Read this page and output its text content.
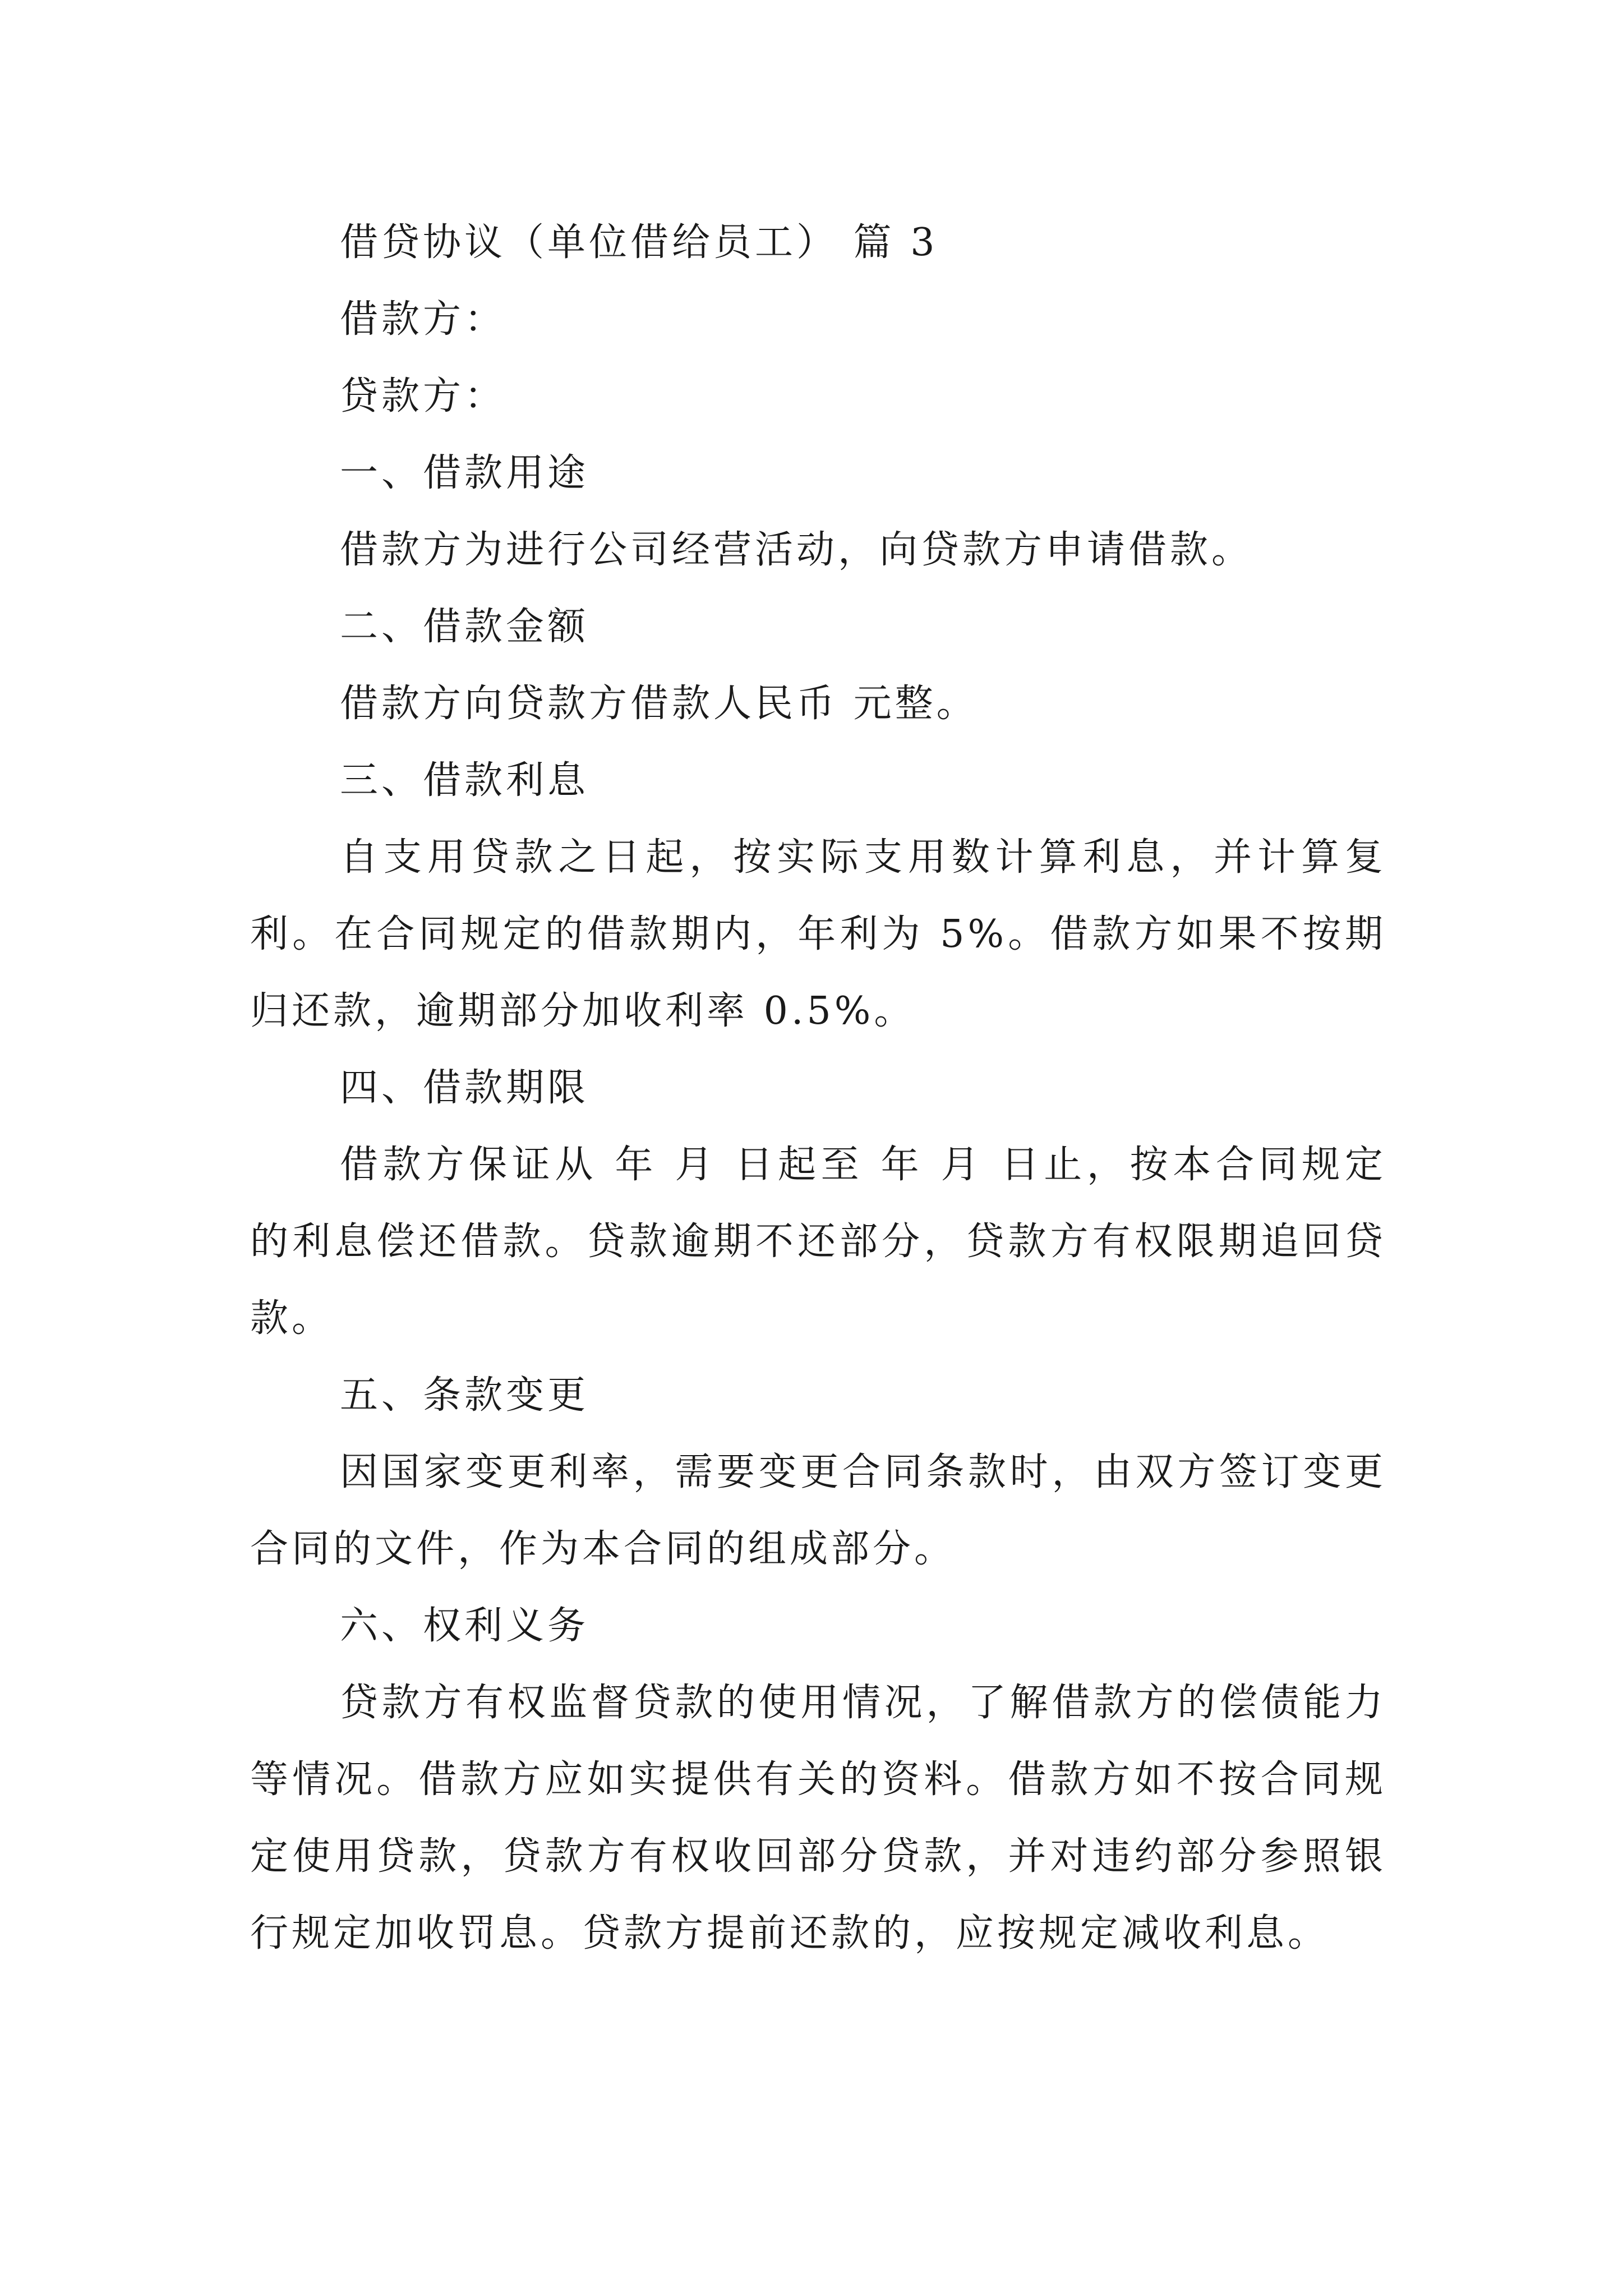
借贷协议（单位借给员工） 篇 3

借款方：

贷款方：

一、借款用途

借款方为进行公司经营活动，向贷款方申请借款。

二、借款金额

借款方向贷款方借款人民币 元整。

三、借款利息

自支用贷款之日起，按实际支用数计算利息，并计算复利。在合同规定的借款期内，年利为 5%。借款方如果不按期归还款，逾期部分加收利率 0.5%。

四、借款期限

借款方保证从 年 月 日起至 年 月 日止，按本合同规定的利息偿还借款。贷款逾期不还部分，贷款方有权限期追回贷款。

五、条款变更

因国家变更利率，需要变更合同条款时，由双方签订变更合同的文件，作为本合同的组成部分。

六、权利义务

贷款方有权监督贷款的使用情况，了解借款方的偿债能力等情况。借款方应如实提供有关的资料。借款方如不按合同规定使用贷款，贷款方有权收回部分贷款，并对违约部分参照银行规定加收罚息。贷款方提前还款的，应按规定减收利息。
